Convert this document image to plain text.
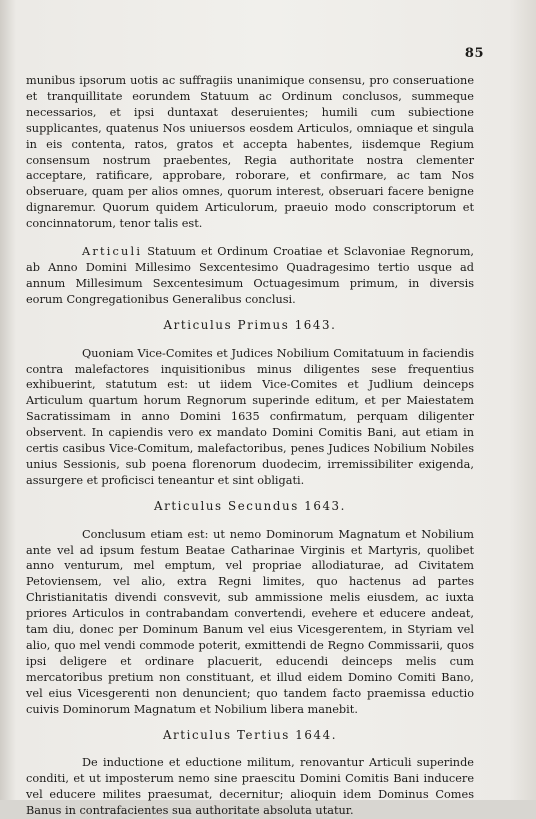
85

munibus ipsorum uotis ac suffragiis unanimique consensu, pro conseruatione et tranquillitate eorundem Statuum ac Ordinum conclusos, summeque necessarios, et ipsi duntaxat deseruientes; humili cum subiectione supplicantes, quatenus Nos uniuersos eosdem Articulos, omniaque et singula in eis contenta, ratos, gratos et accepta habentes, iisdemque Regium consensum nostrum praebentes, Regia authoritate nostra clementer acceptare, ratificare, approbare, roborare, et confirmare, ac tam Nos obseruare, quam per alios omnes, quorum interest, obseruari facere benigne dignaremur. Quorum quidem Articulorum, praeuio modo conscriptorum et concinnatorum, tenor talis est.

Articuli Statuum et Ordinum Croatiae et Sclavoniae Regnorum, ab Anno Domini Millesimo Sexcentesimo Quadragesimo tertio usque ad annum Millesimum Sexcentesimum Octuagesimum primum, in diversis eorum Congregationibus Generalibus conclusi.

Articulus Primus 1643.

Quoniam Vice-Comites et Judices Nobilium Comitatuum in faciendis contra malefactores inquisitionibus minus diligentes sese frequentius exhibuerint, statutum est: ut iidem Vice-Comites et Judlium deinceps Articulum quartum horum Regnorum superinde editum, et per Maiestatem Sacratissimam in anno Domini 1635 confirmatum, perquam diligenter observent. In capiendis vero ex mandato Domini Comitis Bani, aut etiam in certis casibus Vice-Comitum, malefactoribus, penes Judices Nobilium Nobiles unius Sessionis, sub poena florenorum duodecim, irremissibiliter exigenda, assurgere et proficisci teneantur et sint obligati.

Articulus Secundus 1643.

Conclusum etiam est: ut nemo Dominorum Magnatum et Nobilium ante vel ad ipsum festum Beatae Catharinae Virginis et Martyris, quolibet anno venturum, mel emptum, vel propriae allodiaturae, ad Civitatem Petoviensem, vel alio, extra Regni limites, quo hactenus ad partes Christianitatis divendi consvevit, sub ammissione melis eiusdem, ac iuxta priores Articulos in contrabandam convertendi, evehere et educere andeat, tam diu, donec per Dominum Banum vel eius Vicesgerentem, in Styriam vel alio, quo mel vendi commode poterit, exmittendi de Regno Commissarii, quos ipsi deligere et ordinare placuerit, educendi deinceps melis cum mercatoribus pretium non constituant, et illud eidem Domino Comiti Bano, vel eius Vicesgerenti non denuncient; quo tandem facto praemissa eductio cuivis Dominorum Magnatum et Nobilium libera manebit.

Articulus Tertius 1644.

De inductione et eductione militum, renovantur Articuli superinde conditi, et ut imposterum nemo sine praescitu Domini Comitis Bani inducere vel educere milites praesumat, decernitur; alioquin idem Dominus Comes Banus in contrafacientes sua authoritate absoluta utatur.
